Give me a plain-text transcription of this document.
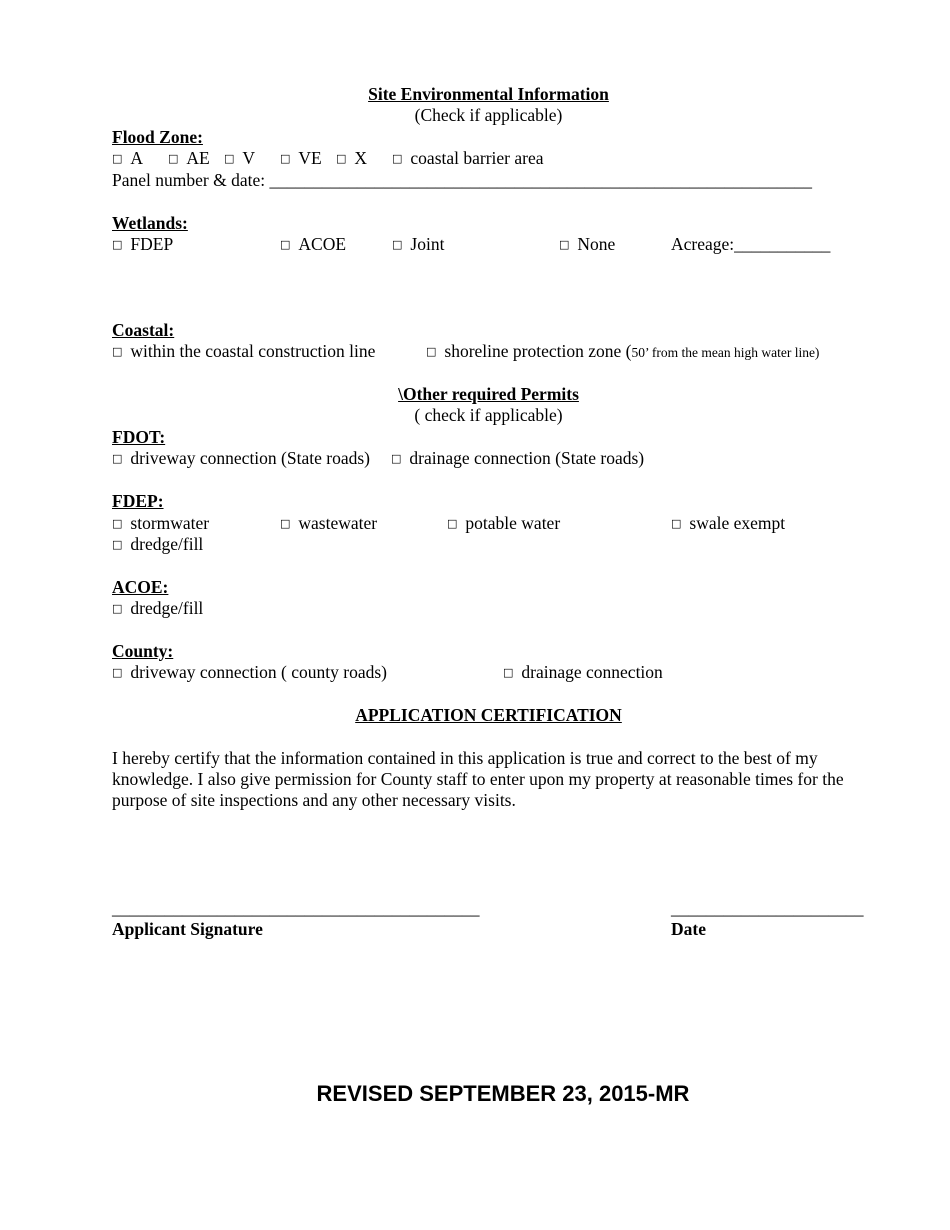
Site Environmental Information
(Check if applicable)
Flood Zone:
□ A □ AE □ V □ VE □ X □ coastal barrier area
Panel number & date: ______________________________________________________________
Wetlands:
□ FDEP	□ ACOE	□ Joint	□ None	Acreage:___________
Coastal:
□ within the coastal construction line	□ shoreline protection zone (50’ from the mean high water line)
\Other required Permits
( check if applicable)
FDOT:
□ driveway connection (State roads) □ drainage connection (State roads)
FDEP:
□ stormwater	□ wastewater	□ potable water	□ swale exempt
□ dredge/fill
ACOE:
□ dredge/fill
County:
□ driveway connection ( county roads)	□ drainage connection
APPLICATION CERTIFICATION
I hereby certify that the information contained in this application is true and correct to the best of my knowledge. I also give permission for County staff to enter upon my property at reasonable times for the purpose of site inspections and any other necessary visits.
__________________________________________
Applicant Signature
______________________
Date
REVISED SEPTEMBER 23, 2015-MR
